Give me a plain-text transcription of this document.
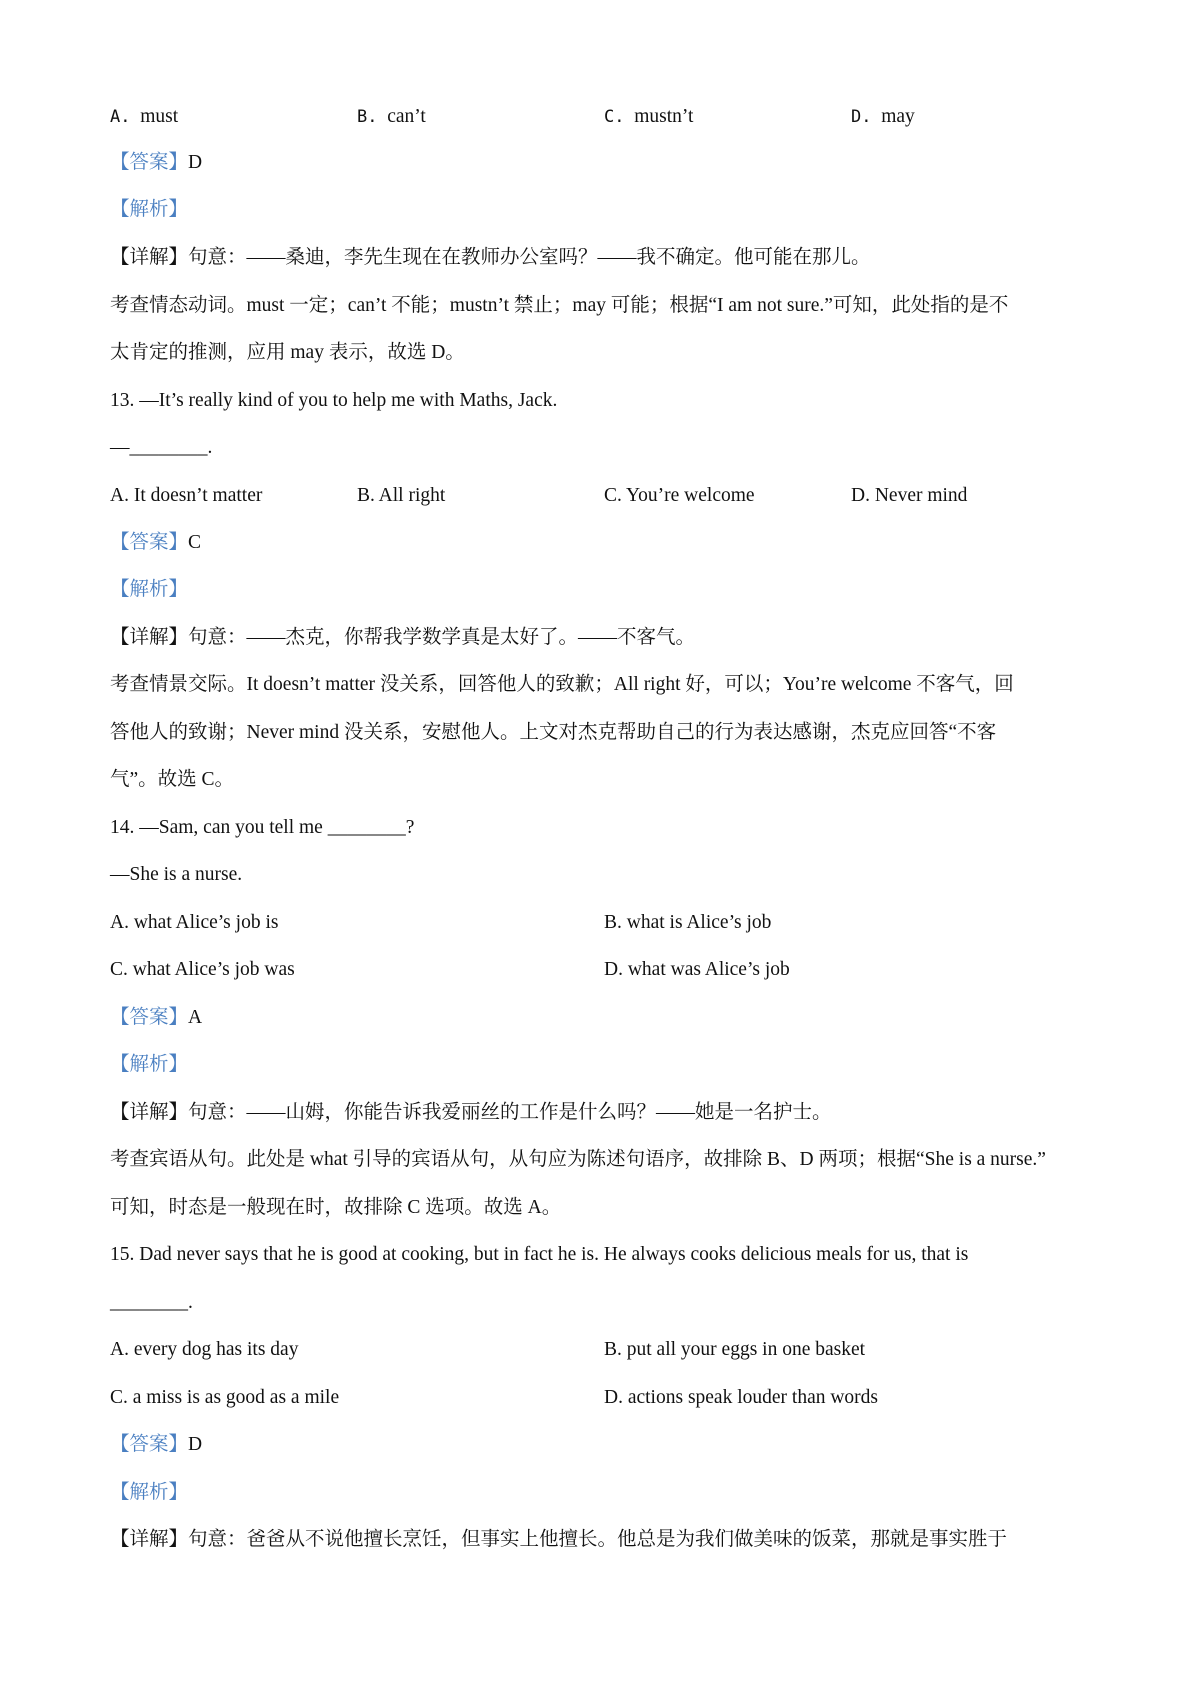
A. must	B. can’t	C. mustn’t	D. may
【答案】D
【解析】
【详解】句意：——桑迪，李先生现在在教师办公室吗？——我不确定。他可能在那儿。
考查情态动词。must 一定；can’t 不能；mustn’t 禁止；may 可能；根据“I am not sure.”可知，此处指的是不
太肯定的推测，应用 may 表示，故选 D。
13. —It’s really kind of you to help me with Maths, Jack.
—________.
A. It doesn’t matter	B. All right	C. You’re welcome	D. Never mind
【答案】C
【解析】
【详解】句意：——杰克，你帮我学数学真是太好了。——不客气。
考查情景交际。It doesn’t matter 没关系，回答他人的致歉；All right 好，可以；You’re welcome 不客气，回
答他人的致谢；Never mind 没关系，安慰他人。上文对杰克帮助自己的行为表达感谢，杰克应回答“不客
气”。故选 C。
14. —Sam, can you tell me ________?
—She is a nurse.
A. what Alice’s job is	B. what is Alice’s job
C. what Alice’s job was	D. what was Alice’s job
【答案】A
【解析】
【详解】句意：——山姆，你能告诉我爱丽丝的工作是什么吗？——她是一名护士。
考查宾语从句。此处是 what 引导的宾语从句，从句应为陈述句语序，故排除 B、D 两项；根据“She is a nurse.”
可知，时态是一般现在时，故排除 C 选项。故选 A。
15. Dad never says that he is good at cooking, but in fact he is. He always cooks delicious meals for us, that is
________.
A. every dog has its day	B. put all your eggs in one basket
C. a miss is as good as a mile	D. actions speak louder than words
【答案】D
【解析】
【详解】句意：爸爸从不说他擅长烹饪，但事实上他擅长。他总是为我们做美味的饭菜，那就是事实胜于
